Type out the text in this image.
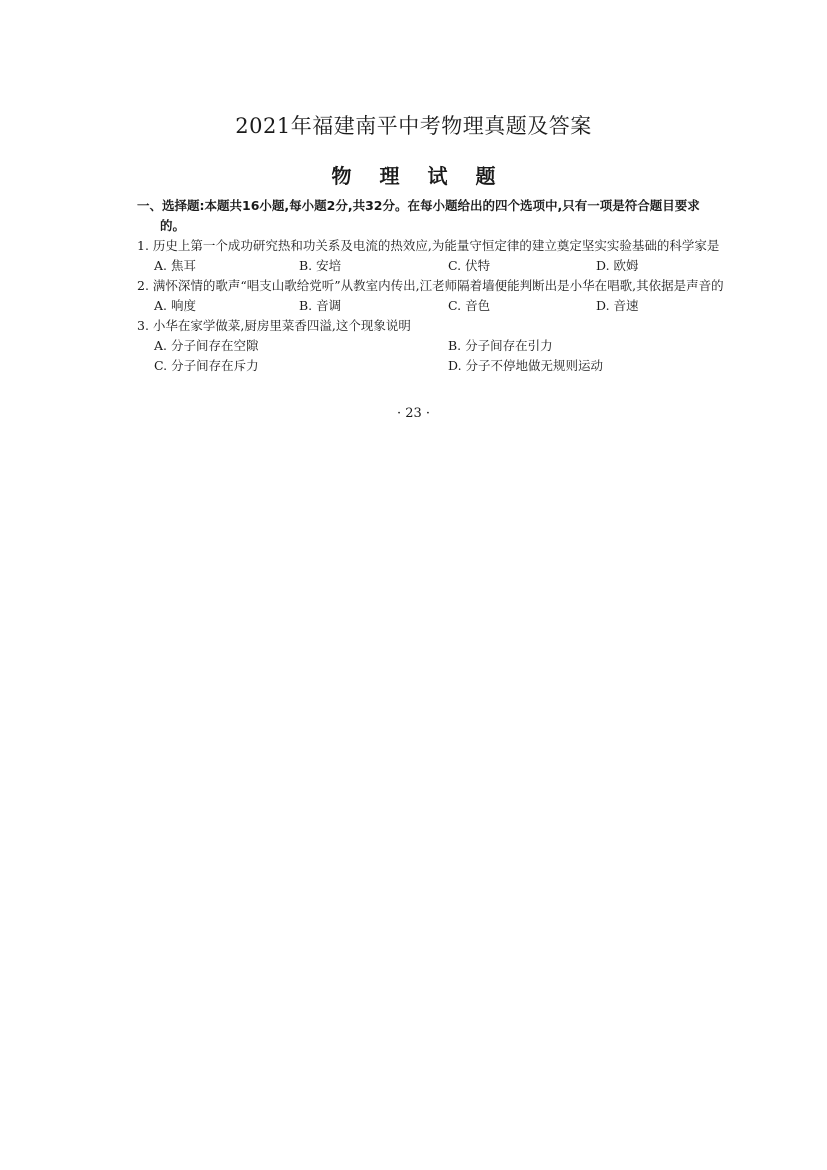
2021年福建南平中考物理真题及答案
物 理 试 题
一、选择题:本题共16小题,每小题2分,共32分。在每小题给出的四个选项中,只有一项是符合题目要求
的。
1. 历史上第一个成功研究热和功关系及电流的热效应,为能量守恒定律的建立奠定坚实实验基础的科学家是
A. 焦耳	B. 安培	C. 伏特	D. 欧姆
2. 满怀深情的歌声“唱支山歌给党听”从教室内传出,江老师隔着墙便能判断出是小华在唱歌,其依据是声音的
A. 响度	B. 音调	C. 音色	D. 音速
3. 小华在家学做菜,厨房里菜香四溢,这个现象说明
A. 分子间存在空隙	B. 分子间存在引力
C. 分子间存在斥力	D. 分子不停地做无规则运动
· 23 ·
